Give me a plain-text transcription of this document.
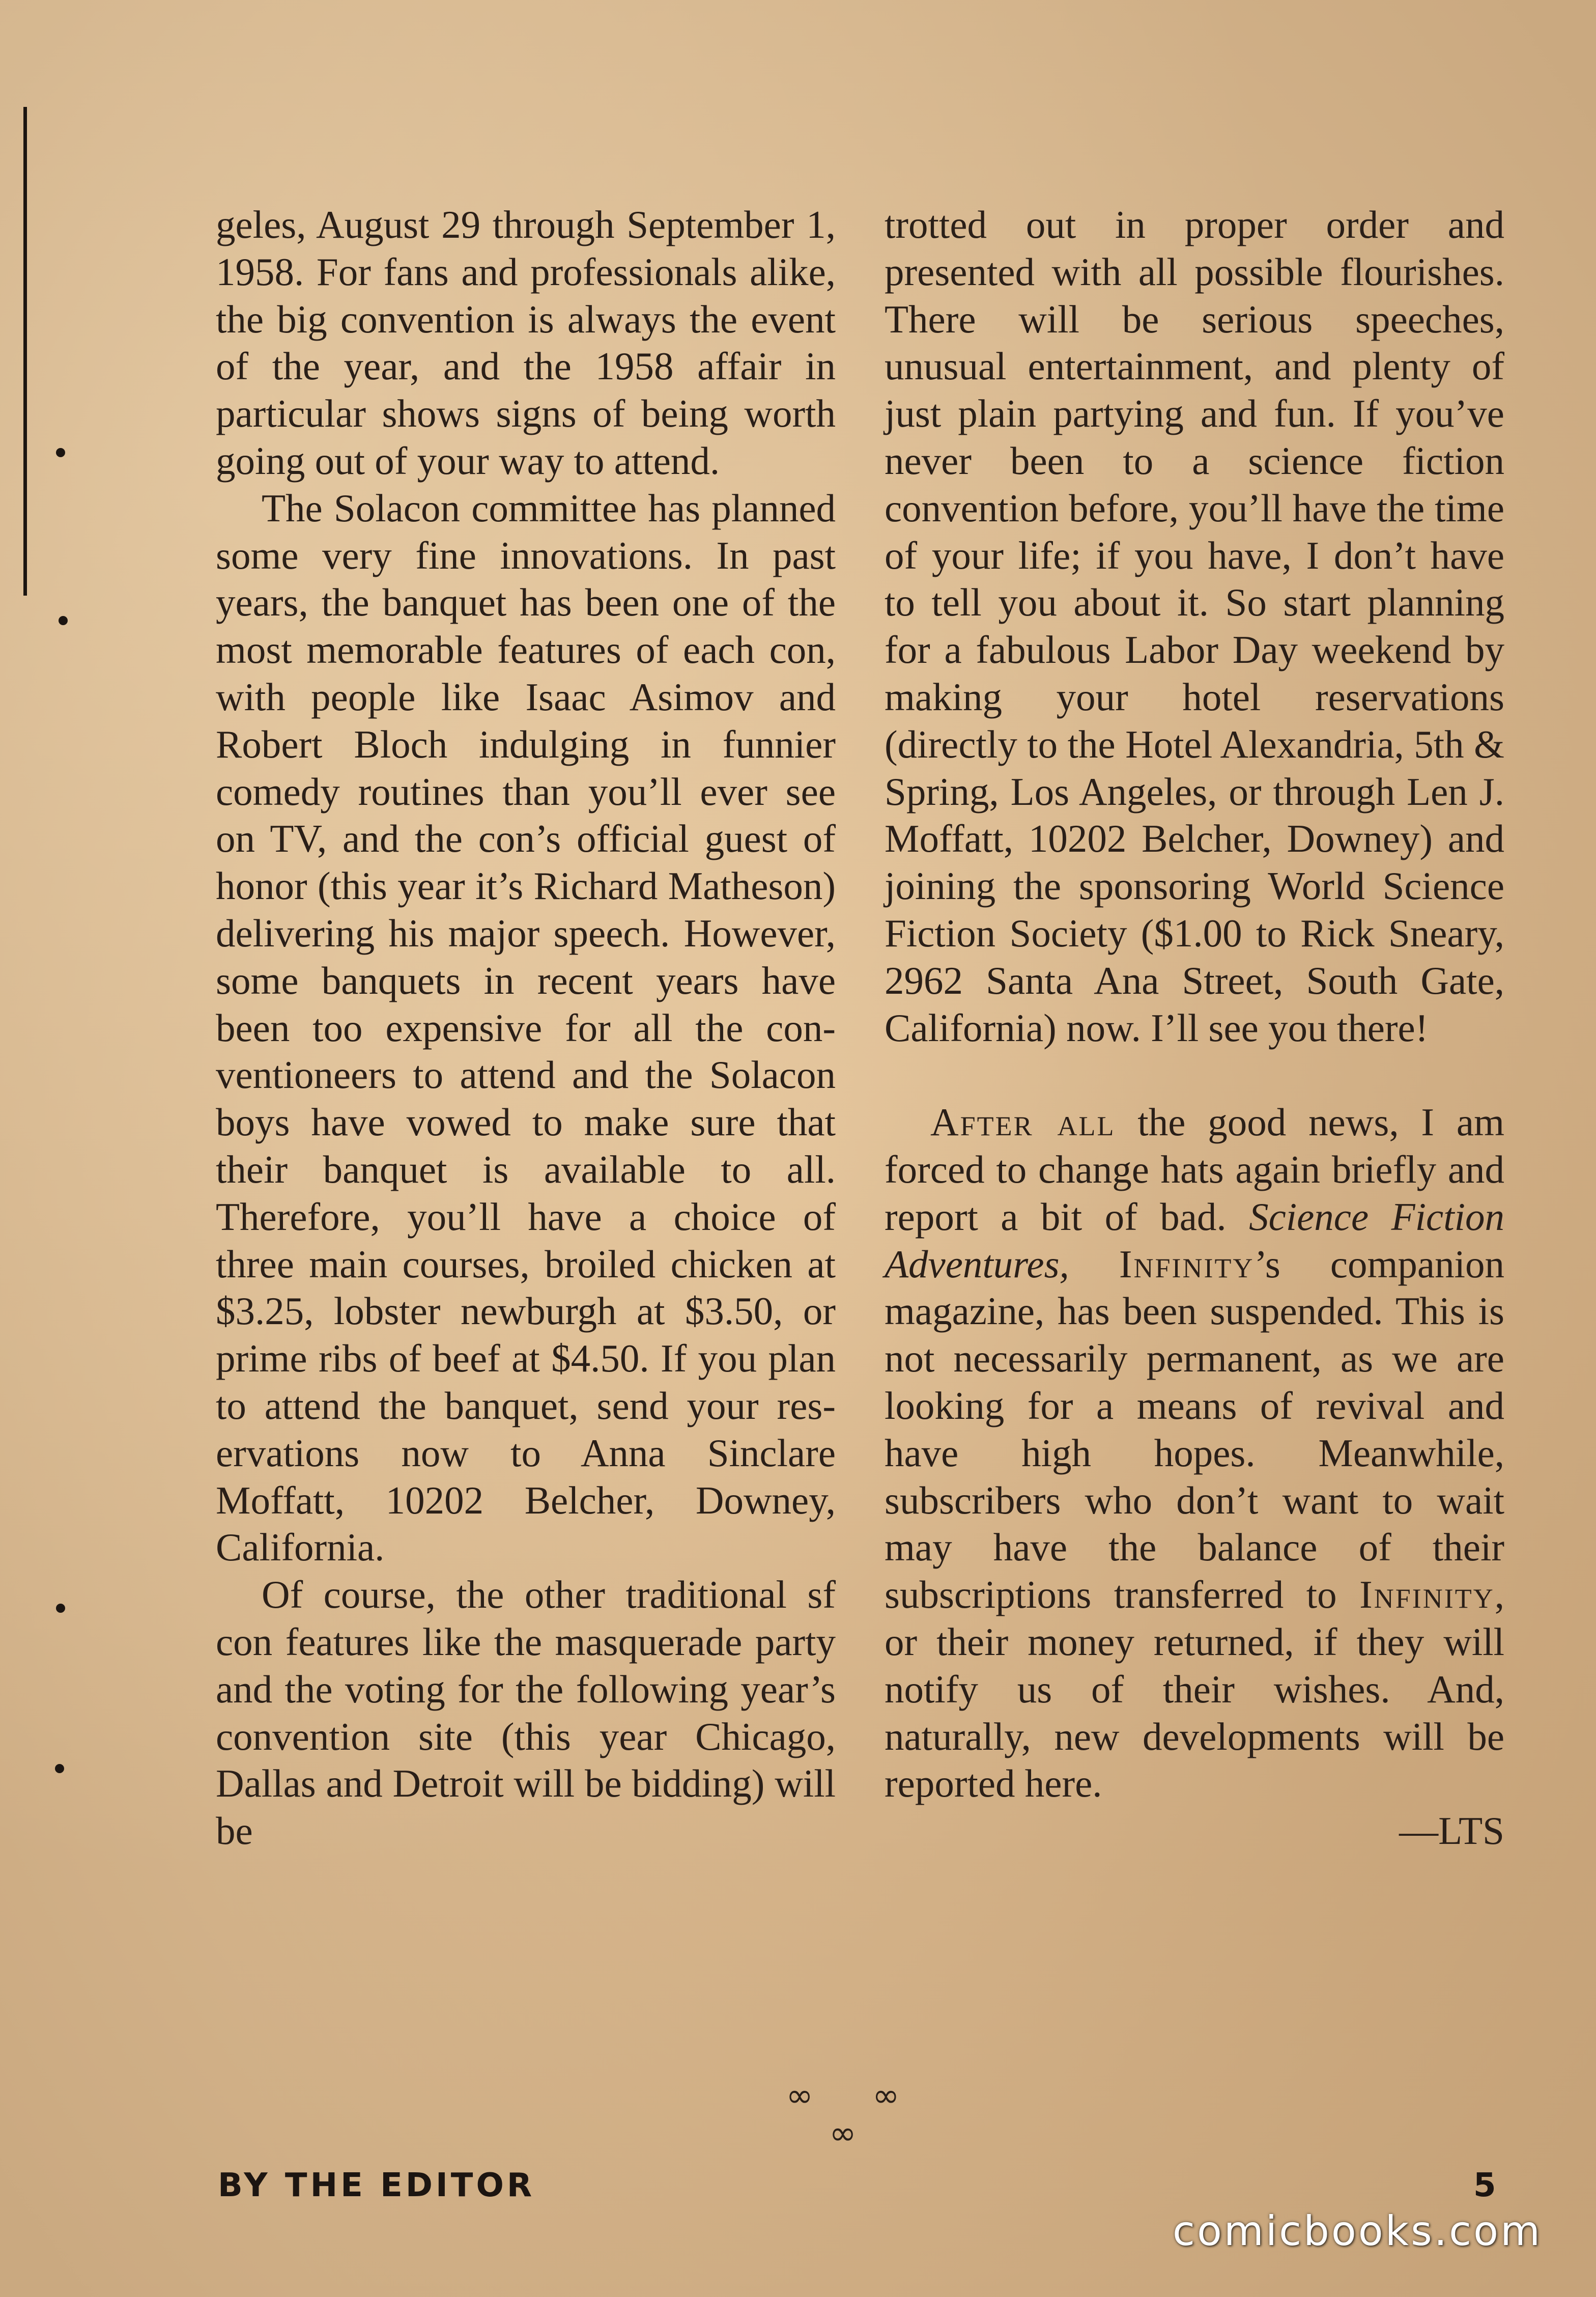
geles, August 29 through September 1, 1958. For fans and professionals alike, the big convention is always the event of the year, and the 1958 affair in particular shows signs of being worth going out of your way to attend.

The Solacon committee has planned some very fine innovations. In past years, the banquet has been one of the most memorable features of each con, with people like Isaac Asimov and Robert Bloch indulging in funnier comedy routines than you’ll ever see on TV, and the con’s official guest of honor (this year it’s Richard Matheson) delivering his major speech. However, some banquets in recent years have been too expensive for all the conventioneers to attend and the Solacon boys have vowed to make sure that their banquet is available to all. Therefore, you’ll have a choice of three main courses, broiled chicken at $3.25, lobster newburgh at $3.50, or prime ribs of beef at $4.50. If you plan to attend the banquet, send your reservations now to Anna Sinclare Moffatt, 10202 Belcher, Downey, California.

Of course, the other traditional sf con features like the masquerade party and the voting for the following year’s convention site (this year Chicago, Dallas and Detroit will be bidding) will be

trotted out in proper order and presented with all possible flourishes. There will be serious speeches, unusual entertainment, and plenty of just plain partying and fun. If you’ve never been to a science fiction convention before, you’ll have the time of your life; if you have, I don’t have to tell you about it. So start planning for a fabulous Labor Day weekend by making your hotel reservations (directly to the Hotel Alexandria, 5th & Spring, Los Angeles, or through Len J. Moffatt, 10202 Belcher, Downey) and joining the sponsoring World Science Fiction Society ($1.00 to Rick Sneary, 2962 Santa Ana Street, South Gate, California) now. I’ll see you there!

After all the good news, I am forced to change hats again briefly and report a bit of bad. Science Fiction Adventures, Infinity’s companion magazine, has been suspended. This is not necessarily permanent, as we are looking for a means of revival and have high hopes. Meanwhile, subscribers who don’t want to wait may have the balance of their subscriptions transferred to Infinity, or their money returned, if they will notify us of their wishes. And, naturally, new developments will be reported here.

—LTS

∞ ∞ ∞
BY THE EDITOR	5
comicbooks.com
